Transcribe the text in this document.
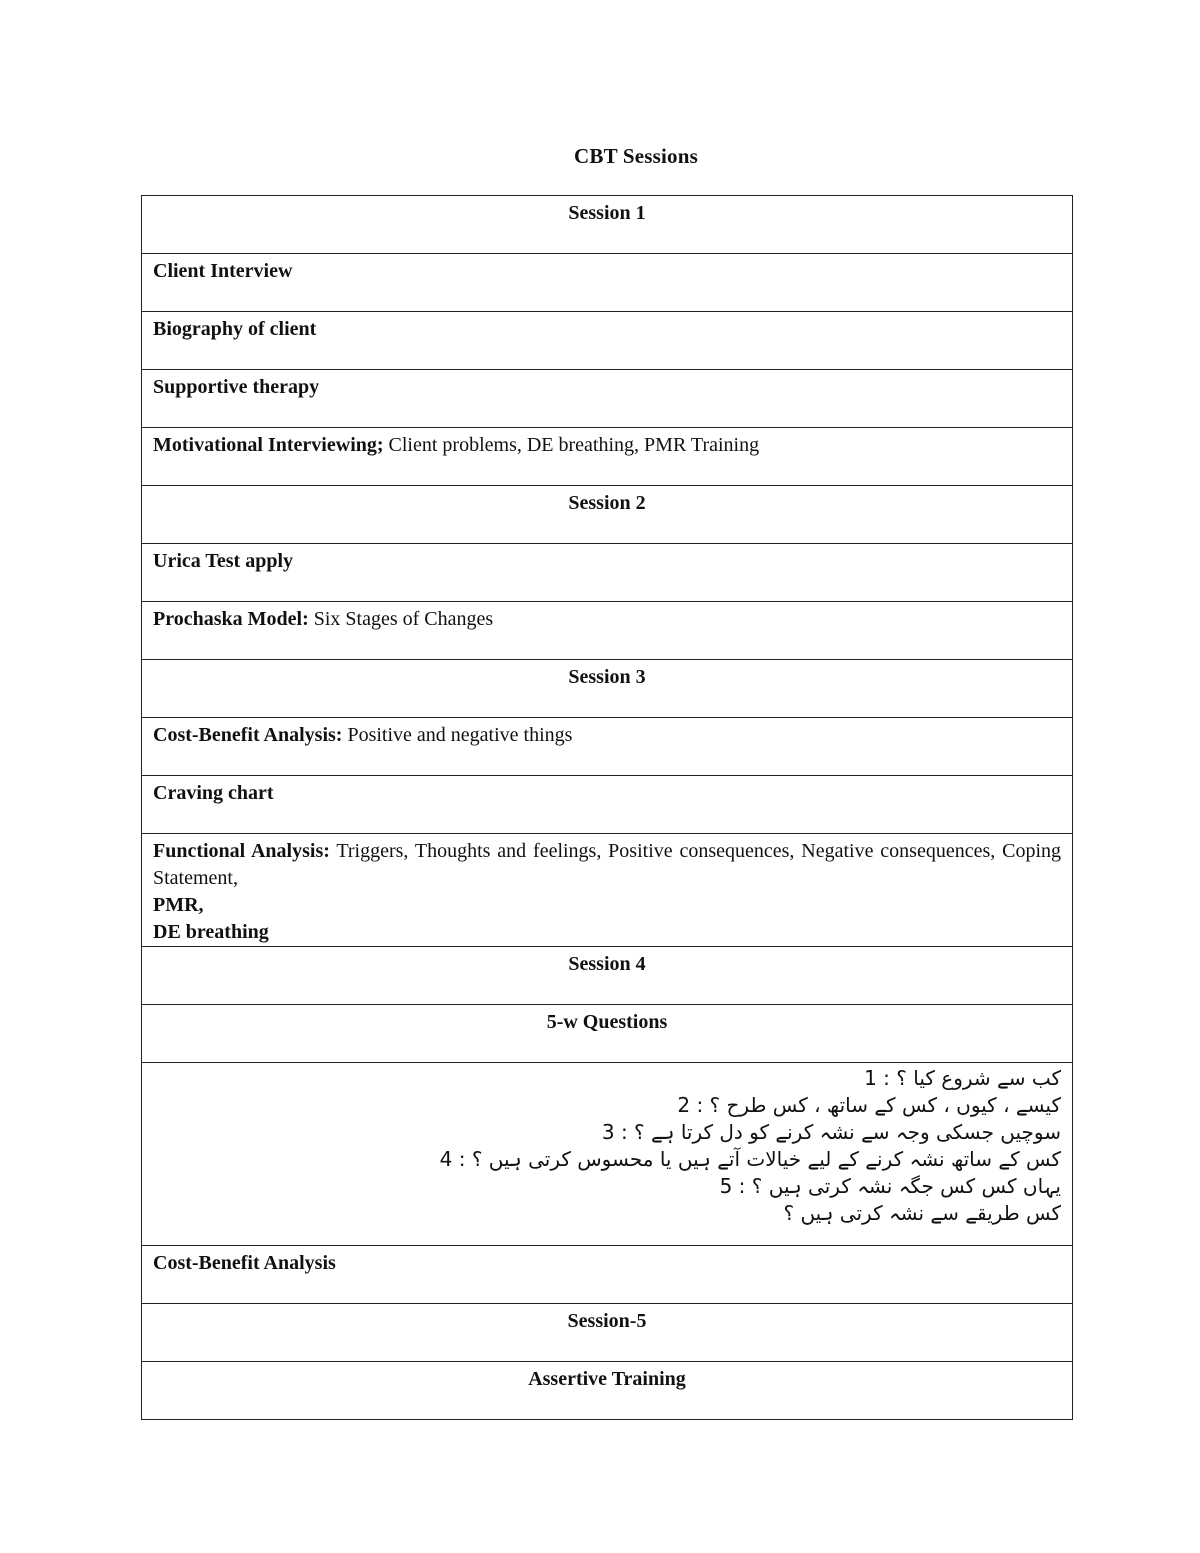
CBT Sessions
Session 1
Client Interview
Biography of client
Supportive therapy
Motivational Interviewing; Client problems, DE breathing, PMR Training
Session 2
Urica Test apply
Prochaska Model: Six Stages of Changes
Session 3
Cost-Benefit Analysis: Positive and negative things
Craving chart
Functional Analysis: Triggers, Thoughts and feelings, Positive consequences, Negative consequences, Coping Statement,
PMR,
DE breathing
Session 4
5-w Questions

کب سے شروع کیا ؟ : 1
کیسے ، کیوں ، کس کے ساتھ ، کس طرح ؟ : 2
سوچیں جسکی وجہ سے نشہ کرنے کو دل کرتا ہے ؟ : 3
کس کے ساتھ نشہ کرنے کے لیے خیالات آتے ہیں یا محسوس کرتی ہیں ؟ : 4
یہاں کس کس جگہ نشہ کرتی ہیں ؟ : 5
کس طریقے سے نشہ کرتی ہیں ؟

Cost-Benefit Analysis
Session-5
Assertive Training
